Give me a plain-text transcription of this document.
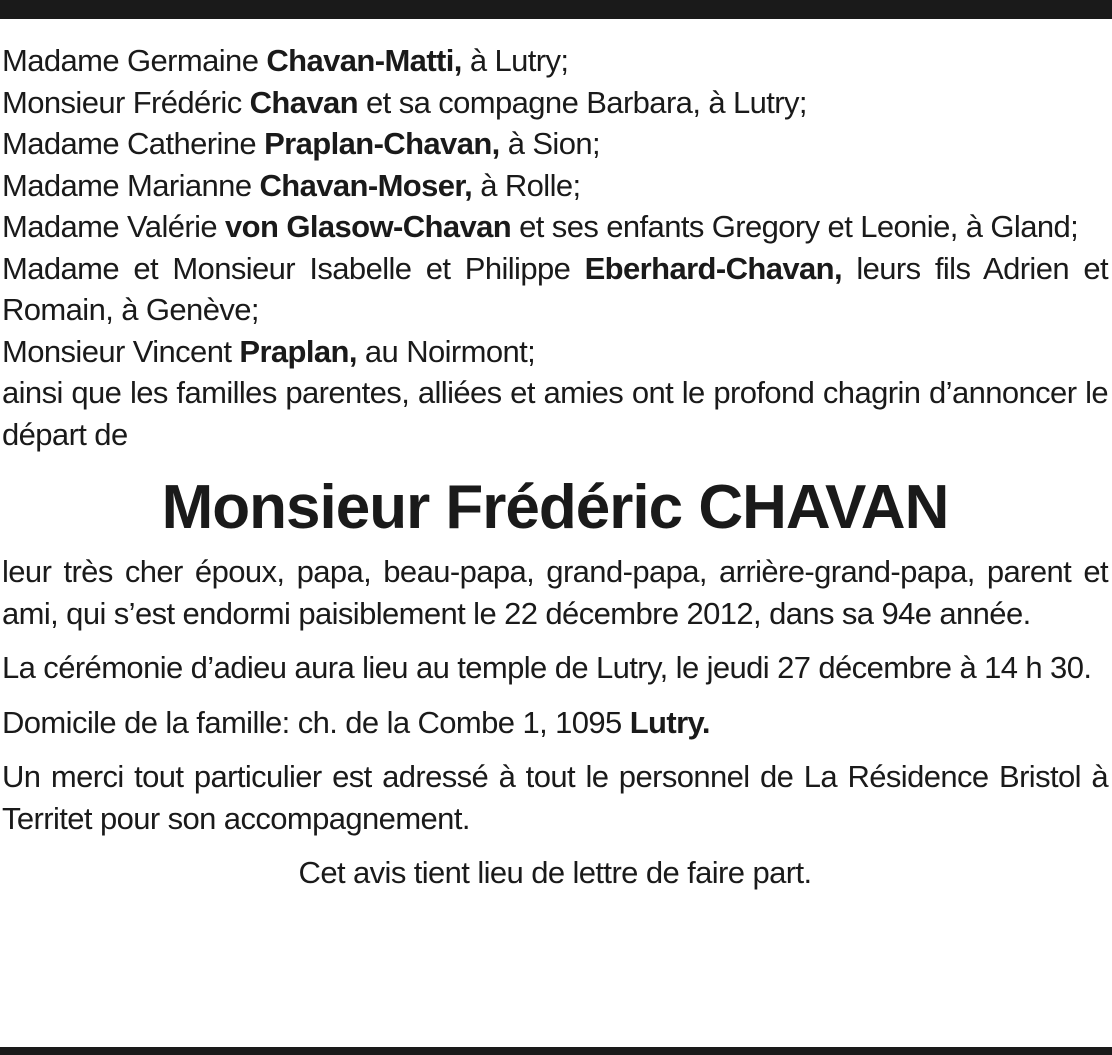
Madame Germaine Chavan-Matti, à Lutry;
Monsieur Frédéric Chavan et sa compagne Barbara, à Lutry;
Madame Catherine Praplan-Chavan, à Sion;
Madame Marianne Chavan-Moser, à Rolle;
Madame Valérie von Glasow-Chavan et ses enfants Gregory et Leonie, à Gland;
Madame et Monsieur Isabelle et Philippe Eberhard-Chavan, leurs fils Adrien et Romain, à Genève;
Monsieur Vincent Praplan, au Noirmont;
ainsi que les familles parentes, alliées et amies ont le profond chagrin d’annoncer le départ de
Monsieur Frédéric CHAVAN

leur très cher époux, papa, beau-papa, grand-papa, arrière-grand-papa, parent et ami, qui s’est endormi paisiblement le 22 décembre 2012, dans sa 94e année.

La cérémonie d’adieu aura lieu au temple de Lutry, le jeudi 27 décembre à 14 h 30.

Domicile de la famille: ch. de la Combe 1, 1095 Lutry.

Un merci tout particulier est adressé à tout le personnel de La Résidence Bristol à Territet pour son accompagnement.

Cet avis tient lieu de lettre de faire part.
